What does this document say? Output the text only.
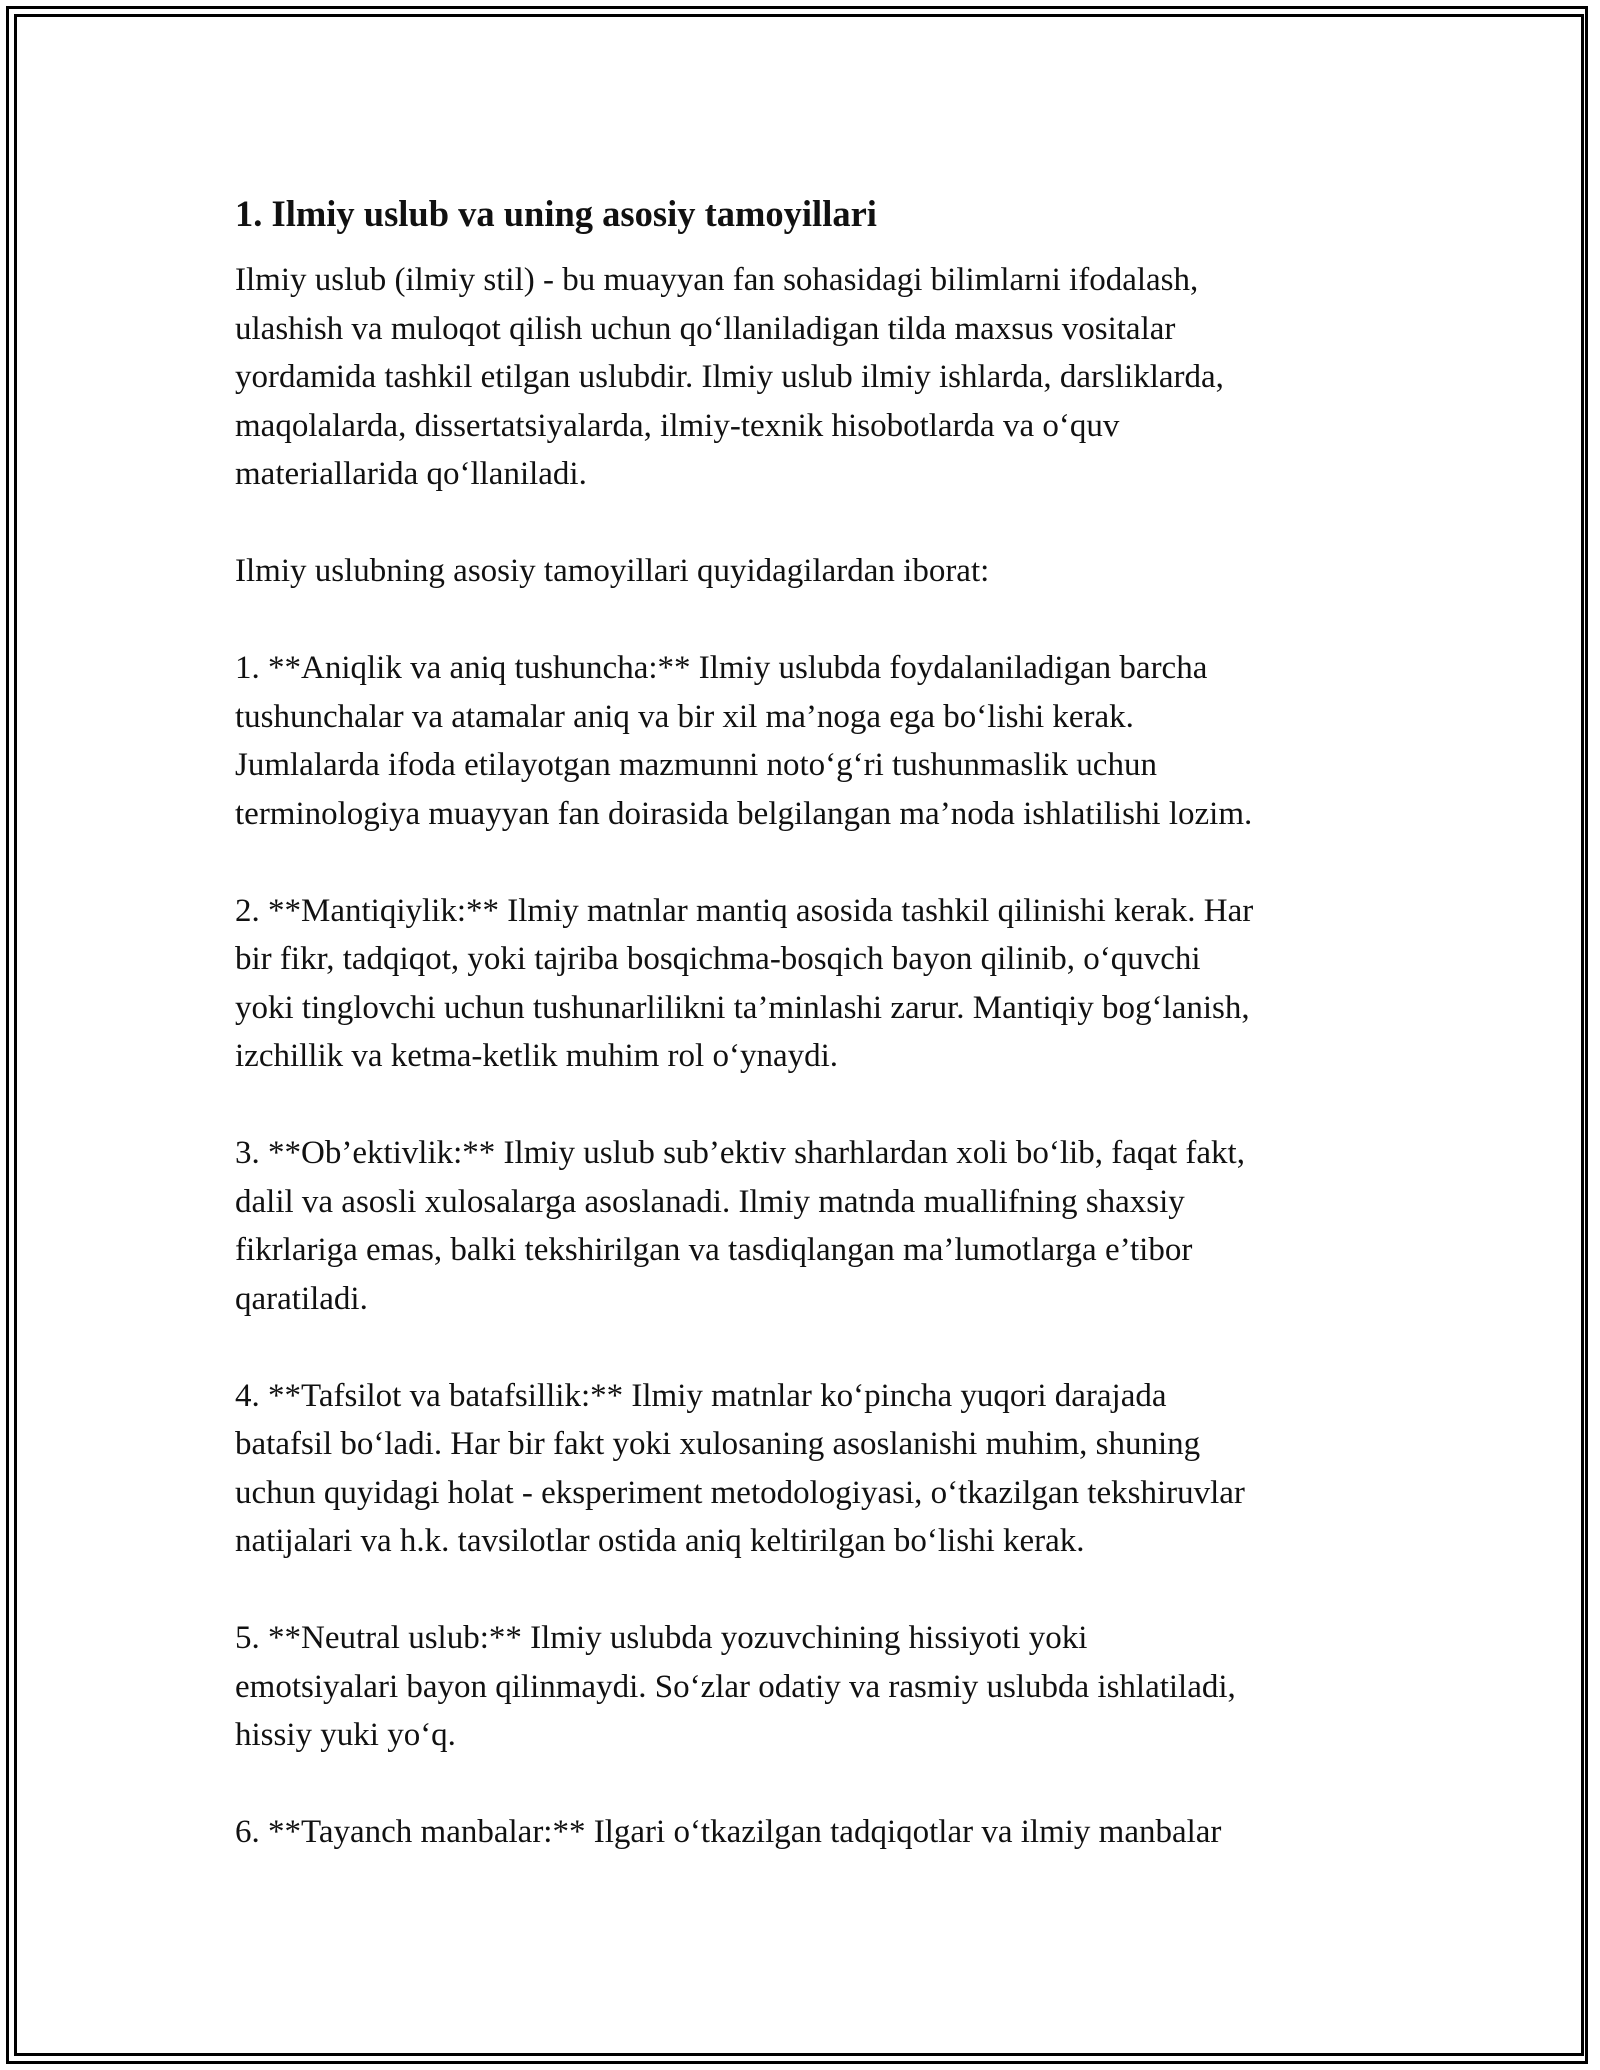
1. Ilmiy uslub va uning asosiy tamoyillari

Ilmiy uslub (ilmiy stil) - bu muayyan fan sohasidagi bilimlarni ifodalash,
ulashish va muloqot qilish uchun qo‘llaniladigan tilda maxsus vositalar
yordamida tashkil etilgan uslubdir. Ilmiy uslub ilmiy ishlarda, darsliklarda,
maqolalarda, dissertatsiyalarda, ilmiy-texnik hisobotlarda va o‘quv
materiallarida qo‘llaniladi.

Ilmiy uslubning asosiy tamoyillari quyidagilardan iborat:

1. **Aniqlik va aniq tushuncha:** Ilmiy uslubda foydalaniladigan barcha
tushunchalar va atamalar aniq va bir xil ma’noga ega bo‘lishi kerak.
Jumlalarda ifoda etilayotgan mazmunni noto‘g‘ri tushunmaslik uchun
terminologiya muayyan fan doirasida belgilangan ma’noda ishlatilishi lozim.

2. **Mantiqiylik:** Ilmiy matnlar mantiq asosida tashkil qilinishi kerak. Har
bir fikr, tadqiqot, yoki tajriba bosqichma-bosqich bayon qilinib, o‘quvchi
yoki tinglovchi uchun tushunarlilikni ta’minlashi zarur. Mantiqiy bog‘lanish,
izchillik va ketma-ketlik muhim rol o‘ynaydi.

3. **Ob’ektivlik:** Ilmiy uslub sub’ektiv sharhlardan xoli bo‘lib, faqat fakt,
dalil va asosli xulosalarga asoslanadi. Ilmiy matnda muallifning shaxsiy
fikrlariga emas, balki tekshirilgan va tasdiqlangan ma’lumotlarga e’tibor
qaratiladi.

4. **Tafsilot va batafsillik:** Ilmiy matnlar ko‘pincha yuqori darajada
batafsil bo‘ladi. Har bir fakt yoki xulosaning asoslanishi muhim, shuning
uchun quyidagi holat - eksperiment metodologiyasi, o‘tkazilgan tekshiruvlar
natijalari va h.k. tavsilotlar ostida aniq keltirilgan bo‘lishi kerak.

5. **Neutral uslub:** Ilmiy uslubda yozuvchining hissiyoti yoki
emotsiyalari bayon qilinmaydi. So‘zlar odatiy va rasmiy uslubda ishlatiladi,
hissiy yuki yo‘q.

6. **Tayanch manbalar:** Ilgari o‘tkazilgan tadqiqotlar va ilmiy manbalar
